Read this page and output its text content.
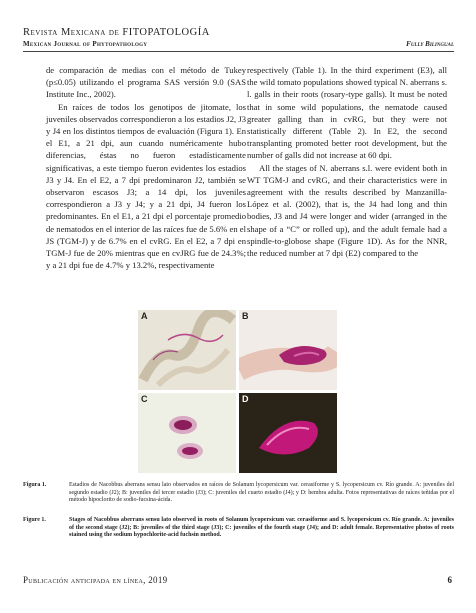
Revista Mexicana de FITOPATOLOGÍA
Mexican Journal of Phytopathology	Fully Bilingual

de comparación de medias con el método de Tukey (p≤0.05) utilizando el programa SAS versión 9.0 (SAS Institute Inc., 2002).

En raíces de todos los genotipos de jitomate, los juveniles observados correspondieron a los estadios J2, J3 y J4 en los distintos tiempos de evaluación (Figura 1). En el E1, a 21 dpi, aun cuando numéricamente hubo diferencias, éstas no fueron estadísticamente significativas, a este tiempo fueron evidentes los estadios J3 y J4. En el E2, a 7 dpi predominaron J2, también se observaron escasos J3; a 14 dpi, los juveniles correspondieron a J3 y J4; y a 21 dpi, J4 fueron los predominantes. En el E1, a 21 dpi el porcentaje promedio de nematodos en el interior de las raíces fue de 5.6% en el JS (TGM-J) y de 6.7% en el cvRG. En el E2, a 7 dpi en TGM-J fue de 20% mientras que en cvJRG fue de 24.3%; y a 21 dpi fue de 4.7% y 13.2%, respectivamente

respectively (Table 1). In the third experiment (E3), all the wild tomato populations showed typical N. aberrans s. l. galls in their roots (rosary-type galls). It must be noted that in some wild populations, the nematode caused greater galling than in cvRG, but they were not statistically different (Table 2). In E2, the second transplanting promoted better root development, but the number of galls did not increase at 60 dpi.

All the stages of N. aberrans s.l. were evident both in WT TGM-J and cvRG, and their characteristics were in agreement with the results described by Manzanilla-López et al. (2002), that is, the J4 had long and thin bodies, J3 and J4 were longer and wider (arranged in the shape of a “C” or rolled up), and the adult female had a spindle-to-globose shape (Figure 1D). As for the NNR, the reduced number at 7 dpi (E2) compared to the

A	B
C	D
Figura 1.	Estadios de Nacobbus aberrans sensu lato observados en raíces de Solanum lycopersicum var. cerasiforme y S. lycopersicum cv. Río grande. A: juveniles del segundo estadio (J2); B: juveniles del tercer estadio (J3); C: juveniles del cuarto estadio (J4); y D: hembra adulta. Fotos representativas de raíces teñidas por el método hipoclorito de sodio-fucsina-ácida.
Figure 1.	Stages of Nacobbus aberrans sensu lato observed in roots of Solanum lycopersicum var. cerasiforme and S. lycopersicum cv. Río grande. A: juveniles of the second stage (J2); B: juveniles of the third stage (J3); C: juveniles of the fourth stage (J4); and D: adult female. Representative photos of roots stained using the sodium hypochlorite-acid fuchsin method.
Publicación anticipada en línea, 2019	6
